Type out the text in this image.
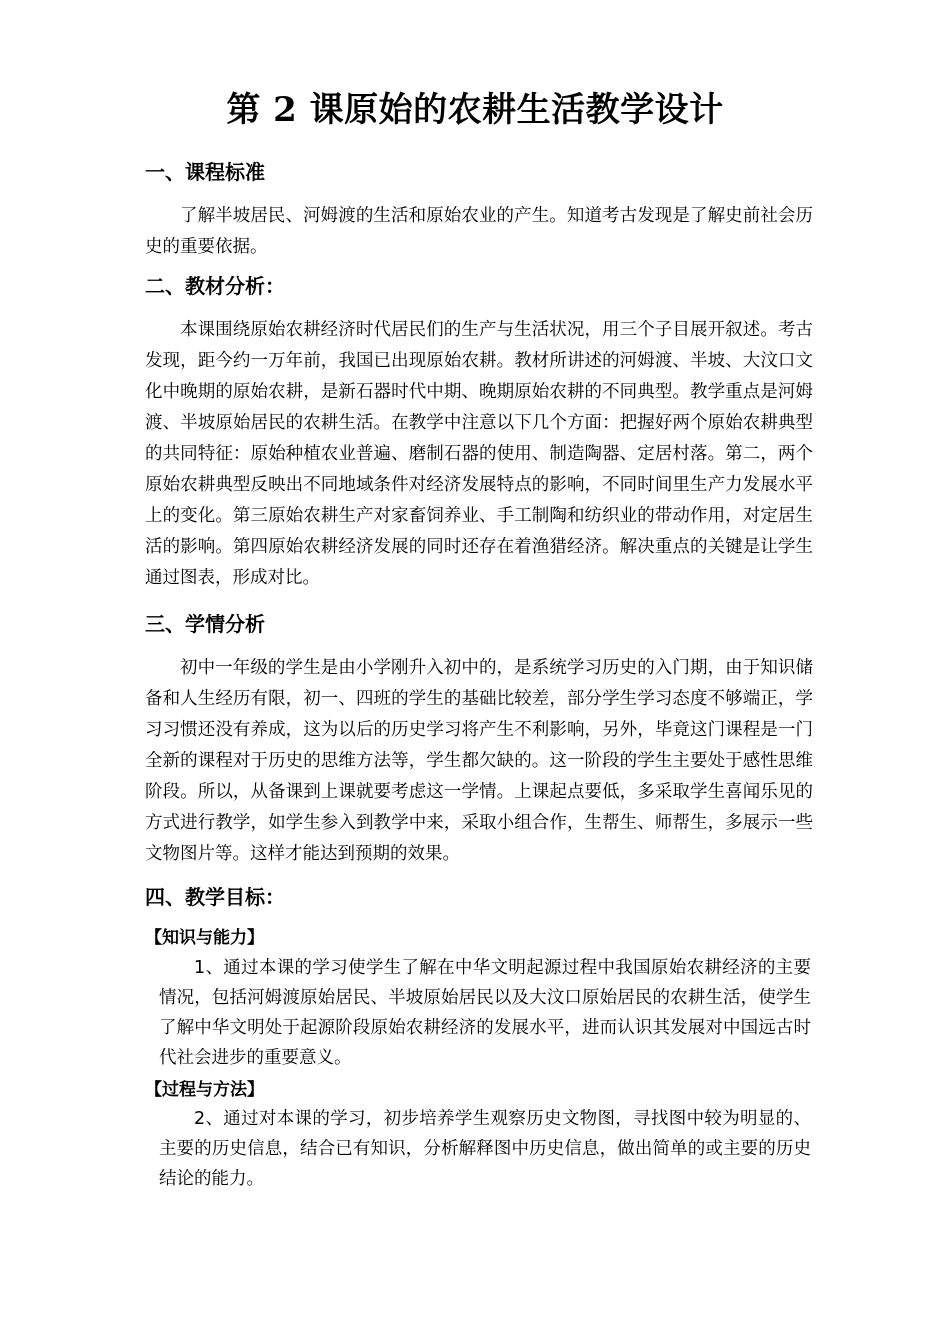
第 2 课原始的农耕生活教学设计
一、课程标准

了解半坡居民、河姆渡的生活和原始农业的产生。知道考古发现是了解史前社会历史的重要依据。

二、教材分析：

本课围绕原始农耕经济时代居民们的生产与生活状况，用三个子目展开叙述。考古发现，距今约一万年前，我国已出现原始农耕。教材所讲述的河姆渡、半坡、大汶口文化中晚期的原始农耕，是新石器时代中期、晚期原始农耕的不同典型。教学重点是河姆渡、半坡原始居民的农耕生活。在教学中注意以下几个方面：把握好两个原始农耕典型的共同特征：原始种植农业普遍、磨制石器的使用、制造陶器、定居村落。第二，两个原始农耕典型反映出不同地域条件对经济发展特点的影响，不同时间里生产力发展水平上的变化。第三原始农耕生产对家畜饲养业、手工制陶和纺织业的带动作用，对定居生活的影响。第四原始农耕经济发展的同时还存在着渔猎经济。解决重点的关键是让学生通过图表，形成对比。

三、学情分析

初中一年级的学生是由小学刚升入初中的，是系统学习历史的入门期，由于知识储备和人生经历有限，初一、四班的学生的基础比较差，部分学生学习态度不够端正，学习习惯还没有养成，这为以后的历史学习将产生不利影响，另外，毕竟这门课程是一门全新的课程对于历史的思维方法等，学生都欠缺的。这一阶段的学生主要处于感性思维阶段。所以，从备课到上课就要考虑这一学情。上课起点要低，多采取学生喜闻乐见的方式进行教学，如学生参入到教学中来，采取小组合作，生帮生、师帮生，多展示一些文物图片等。这样才能达到预期的效果。

四、教学目标：
【知识与能力】

1、通过本课的学习使学生了解在中华文明起源过程中我国原始农耕经济的主要情况，包括河姆渡原始居民、半坡原始居民以及大汶口原始居民的农耕生活，使学生了解中华文明处于起源阶段原始农耕经济的发展水平，进而认识其发展对中国远古时代社会进步的重要意义。

【过程与方法】

2、通过对本课的学习，初步培养学生观察历史文物图，寻找图中较为明显的、主要的历史信息，结合已有知识，分析解释图中历史信息，做出简单的或主要的历史结论的能力。
